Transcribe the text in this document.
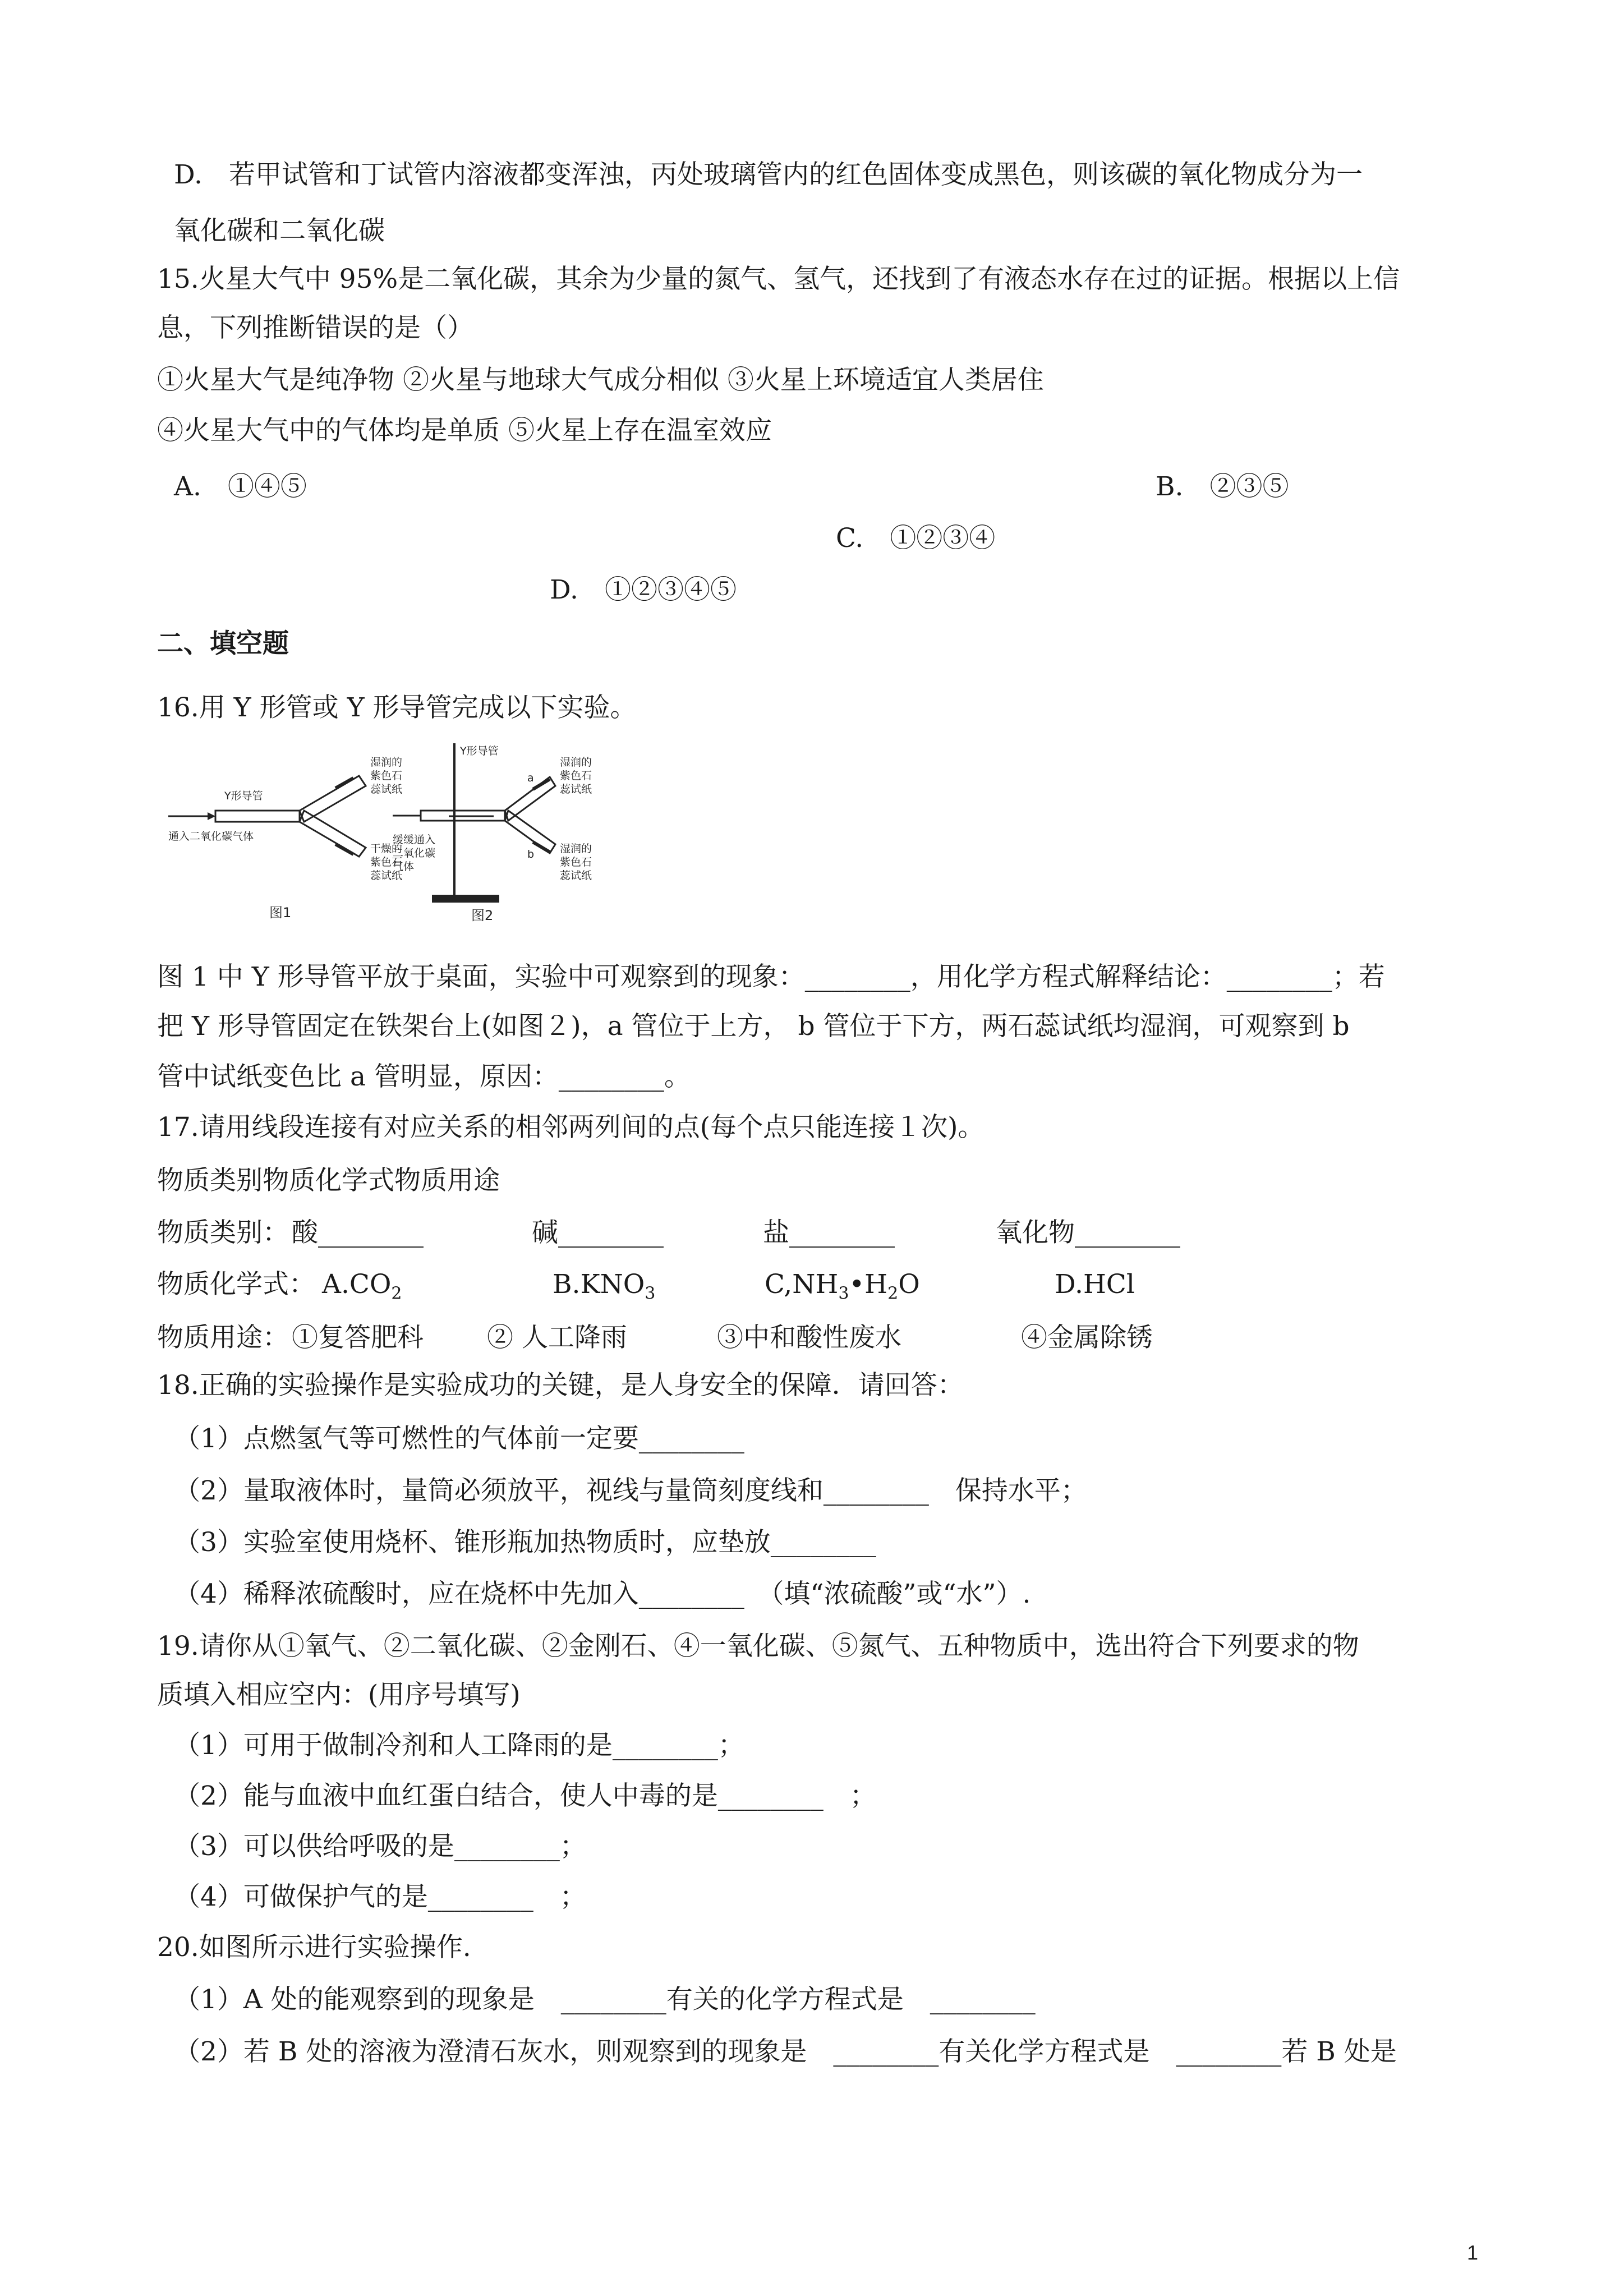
D.　若甲试管和丁试管内溶液都变浑浊，丙处玻璃管内的红色固体变成黑色，则该碳的氧化物成分为一
氧化碳和二氧化碳
15.火星大气中 95%是二氧化碳，其余为少量的氮气、氢气，还找到了有液态水存在过的证据。根据以上信
息，下列推断错误的是（）
①火星大气是纯净物 ②火星与地球大气成分相似 ③火星上环境适宜人类居住
④火星大气中的气体均是单质 ⑤火星上存在温室效应
A.　①④⑤	B.　②③⑤
C.　①②③④
D.　①②③④⑤
二、填空题
16.用 Y 形管或 Y 形导管完成以下实验。
Y形导管
通入二氧化碳气体
湿润的
紫色石
蕊试纸
干燥的
紫色石
蕊试纸
图1
Y形导管
缓缓通入
二氧化碳
气体
a
b
湿润的
紫色石
蕊试纸
湿润的
紫色石
蕊试纸
图2
图 1 中 Y 形导管平放于桌面，实验中可观察到的现象：________，用化学方程式解释结论：________；若
把 Y 形导管固定在铁架台上(如图２)，a 管位于上方， b 管位于下方，两石蕊试纸均湿润，可观察到 b
管中试纸变色比 a 管明显，原因：________。
17.请用线段连接有对应关系的相邻两列间的点(每个点只能连接１次)。
物质类别物质化学式物质用途
物质类别： 酸________	碱________	盐________	氧化物________
物质化学式： $A.CO_2$	$B.KNO_3$	$C,NH_3•H_2O$	D.HCl
物质用途： ①复答肥科 ② 人工降雨	③中和酸性废水	④金属除锈
18.正确的实验操作是实验成功的关键，是人身安全的保障．请回答：
（1）点燃氢气等可燃性的气体前一定要________
（2）量取液体时，量筒必须放平，视线与量筒刻度线和________　保持水平；
（3）实验室使用烧杯、锥形瓶加热物质时，应垫放________
（4）稀释浓硫酸时，应在烧杯中先加入________　（填“浓硫酸”或“水”）.
19.请你从①氧气、②二氧化碳、②金刚石、④一氧化碳、⑤氮气、五种物质中，选出符合下列要求的物
质填入相应空内：(用序号填写)
（1）可用于做制冷剂和人工降雨的是________；
（2）能与血液中血红蛋白结合，使人中毒的是________　；
（3）可以供给呼吸的是________；
（4）可做保护气的是________　；
20.如图所示进行实验操作.
（1）A 处的能观察到的现象是　________有关的化学方程式是　________
（2）若 B 处的溶液为澄清石灰水，则观察到的现象是　________有关化学方程式是　________若 B 处是
1
